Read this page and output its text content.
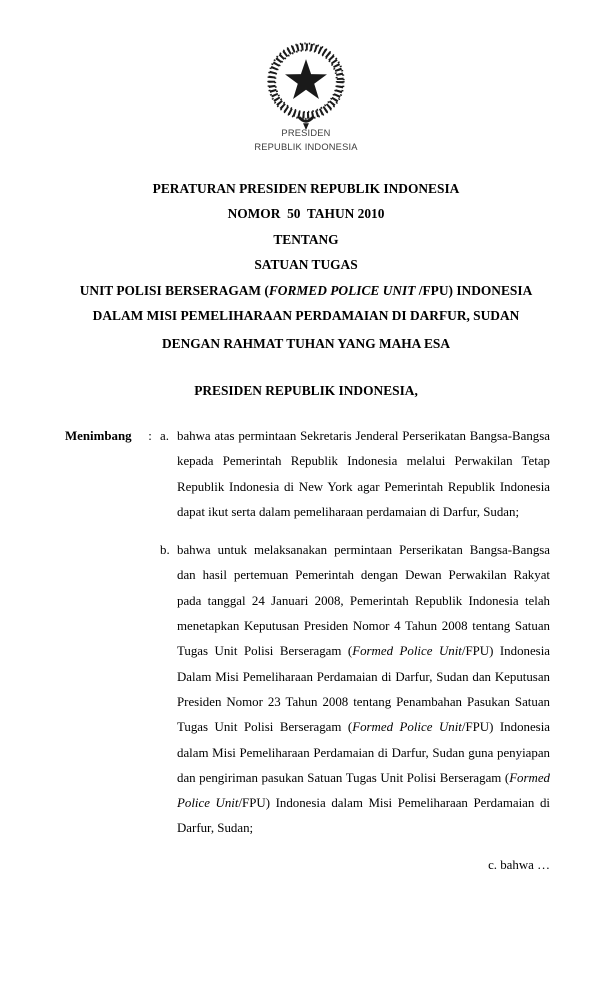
PRESIDEN
REPUBLIK INDONESIA
PERATURAN PRESIDEN REPUBLIK INDONESIA
NOMOR  50  TAHUN 2010
TENTANG
SATUAN TUGAS
UNIT POLISI BERSERAGAM (FORMED POLICE UNIT /FPU) INDONESIA
DALAM MISI PEMELIHARAAN PERDAMAIAN DI DARFUR, SUDAN
DENGAN RAHMAT TUHAN YANG MAHA ESA
PRESIDEN REPUBLIK INDONESIA,
Menimbang	: a. bahwa atas permintaan Sekretaris Jenderal Perserikatan Bangsa-Bangsa kepada Pemerintah Republik Indonesia melalui Perwakilan Tetap Republik Indonesia di New York agar Pemerintah Republik Indonesia dapat ikut serta dalam pemeliharaan perdamaian di Darfur, Sudan;
b. bahwa untuk melaksanakan permintaan Perserikatan Bangsa-Bangsa dan hasil pertemuan Pemerintah dengan Dewan Perwakilan Rakyat pada tanggal 24 Januari 2008, Pemerintah Republik Indonesia telah menetapkan Keputusan Presiden Nomor 4 Tahun 2008 tentang Satuan Tugas Unit Polisi Berseragam (Formed Police Unit/FPU) Indonesia Dalam Misi Pemeliharaan Perdamaian di Darfur, Sudan dan Keputusan Presiden Nomor 23 Tahun 2008 tentang Penambahan Pasukan Satuan Tugas Unit Polisi Berseragam (Formed Police Unit/FPU) Indonesia dalam Misi Pemeliharaan Perdamaian di Darfur, Sudan guna penyiapan dan pengiriman pasukan Satuan Tugas Unit Polisi Berseragam (Formed Police Unit/FPU) Indonesia dalam Misi Pemeliharaan Perdamaian di Darfur, Sudan;
c. bahwa …
